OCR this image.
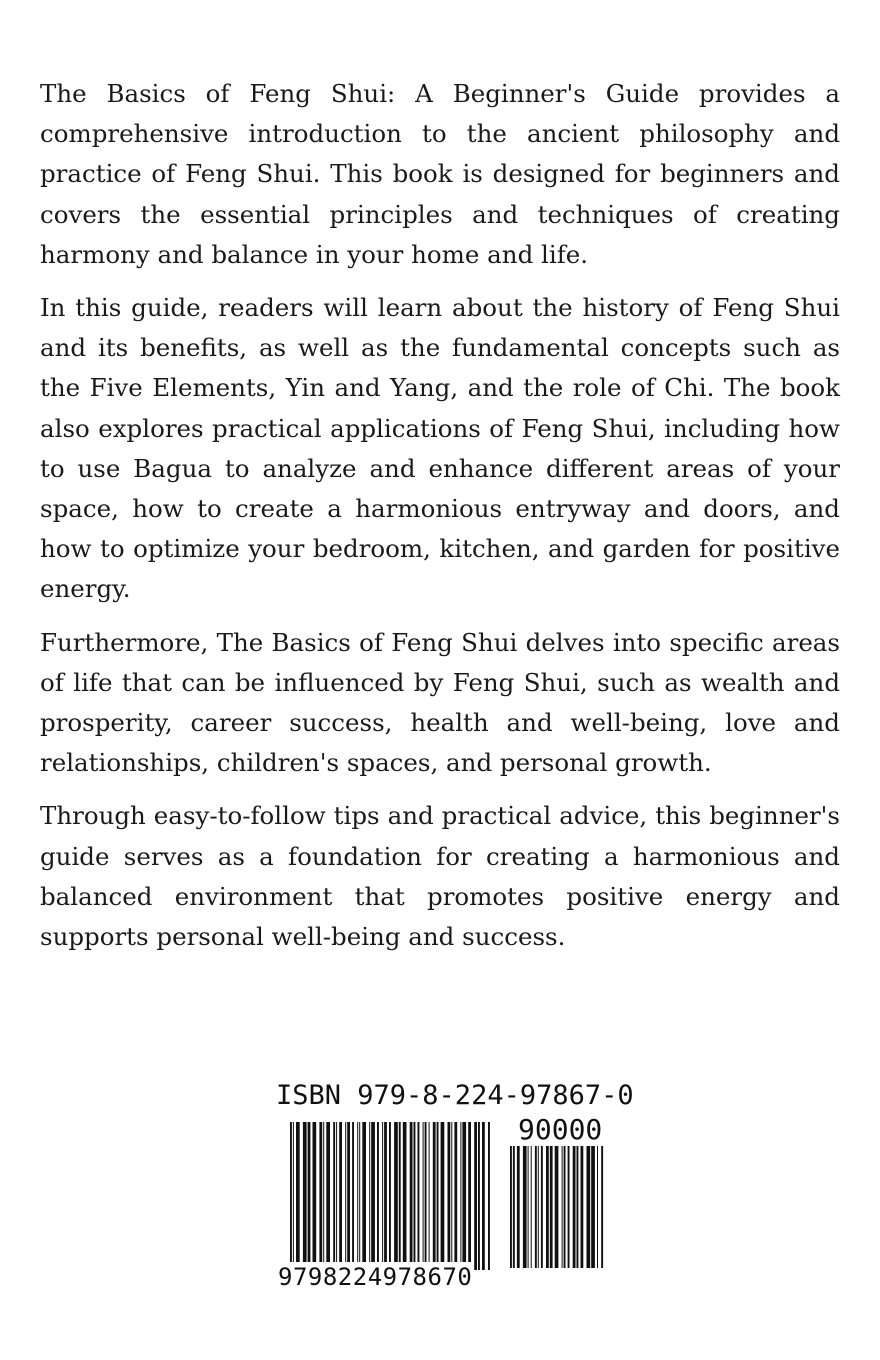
The Basics of Feng Shui: A Beginner's Guide provides a comprehensive introduction to the ancient philosophy and practice of Feng Shui. This book is designed for beginners and covers the essential principles and techniques of creating harmony and balance in your home and life.

In this guide, readers will learn about the history of Feng Shui and its benefits, as well as the fundamental concepts such as the Five Elements, Yin and Yang, and the role of Chi. The book also explores practical applications of Feng Shui, including how to use Bagua to analyze and enhance different areas of your space, how to create a harmonious entryway and doors, and how to optimize your bedroom, kitchen, and garden for positive energy.

Furthermore, The Basics of Feng Shui delves into specific areas of life that can be influenced by Feng Shui, such as wealth and prosperity, career success, health and well-being, love and relationships, children's spaces, and personal growth.

Through easy-to-follow tips and practical advice, this beginner's guide serves as a foundation for creating a harmonious and balanced environment that promotes positive energy and supports personal well-being and success.

ISBN 979-8-224-97867-0
90000
9798224978670
